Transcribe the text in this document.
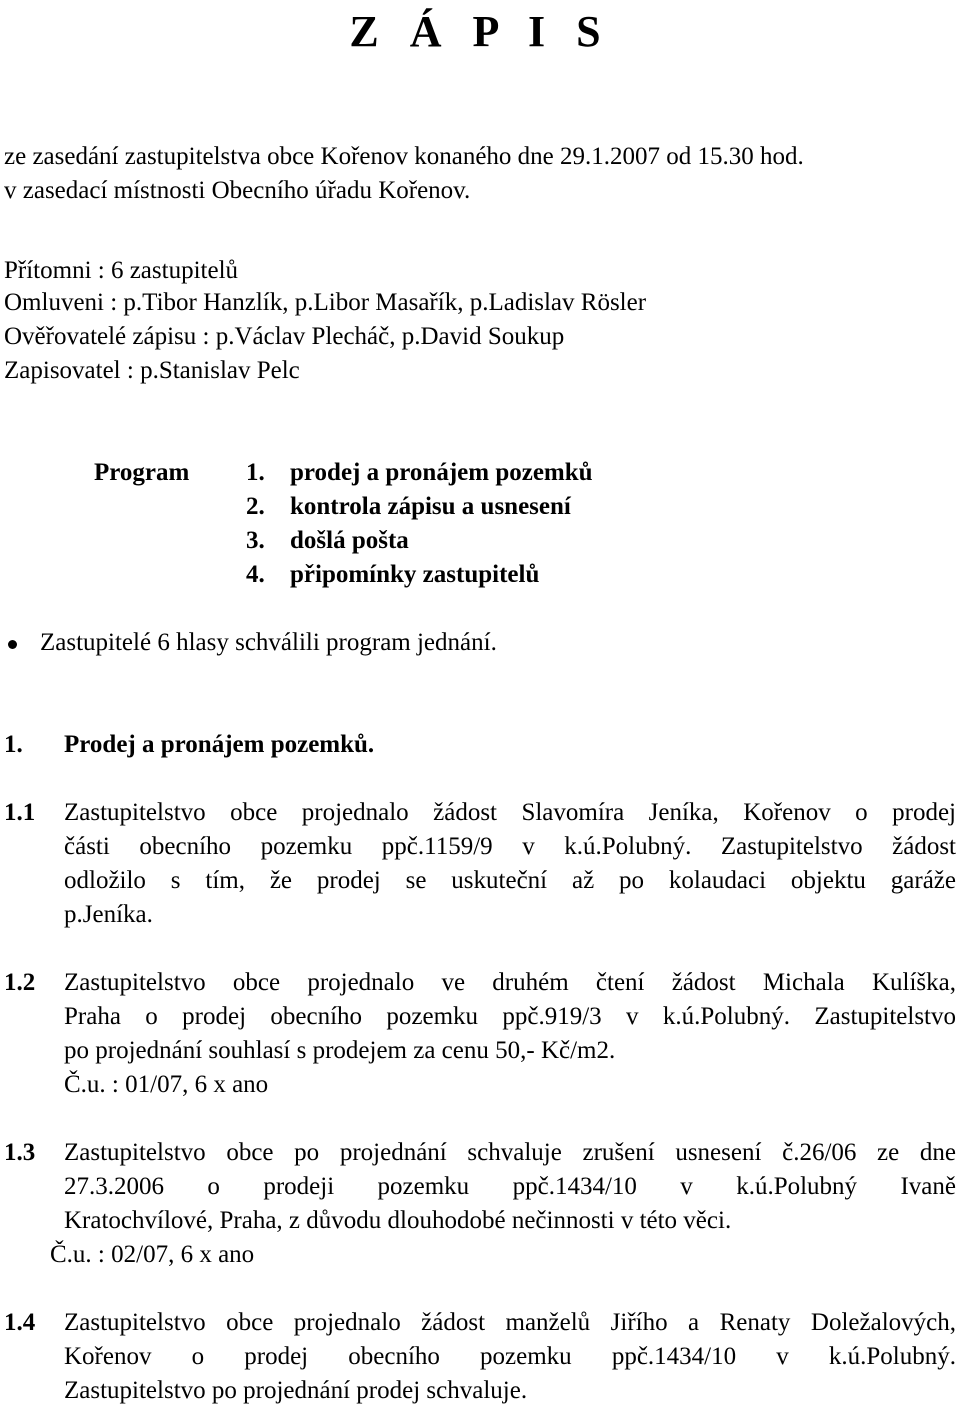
Z Á P I S
ze zasedání zastupitelstva obce Kořenov konaného dne 29.1.2007 od 15.30 hod.
v zasedací místnosti Obecního úřadu Kořenov.
Přítomni : 6 zastupitelů
Omluveni : p.Tibor Hanzlík, p.Libor Masařík, p.Ladislav Rösler
Ověřovatelé zápisu : p.Václav Plecháč, p.David Soukup
Zapisovatel : p.Stanislav Pelc
Program 1. prodej a pronájem pozemků
2. kontrola zápisu a usnesení
3. došlá pošta
4. připomínky zastupitelů
Zastupitelé 6 hlasy schválili program jednání.
1. Prodej a pronájem pozemků.
1.1 Zastupitelstvo obce projednalo žádost Slavomíra Jeníka, Kořenov o prodej
části obecního pozemku ppč.1159/9 v k.ú.Polubný. Zastupitelstvo žádost
odložilo s tím, že prodej se uskuteční až po kolaudaci objektu garáže
p.Jeníka.
1.2 Zastupitelstvo obce projednalo ve druhém čtení žádost Michala Kulíška,
Praha o prodej obecního pozemku ppč.919/3 v k.ú.Polubný. Zastupitelstvo
po projednání souhlasí s prodejem za cenu 50,- Kč/m2.
Č.u. : 01/07, 6 x ano
1.3 Zastupitelstvo obce po projednání schvaluje zrušení usnesení č.26/06 ze dne
27.3.2006 o prodeji pozemku ppč.1434/10 v k.ú.Polubný Ivaně
Kratochvílové, Praha, z důvodu dlouhodobé nečinnosti v této věci.
Č.u. : 02/07, 6 x ano
1.4 Zastupitelstvo obce projednalo žádost manželů Jiřího a Renaty Doležalových,
Kořenov o prodej obecního pozemku ppč.1434/10 v k.ú.Polubný.
Zastupitelstvo po projednání prodej schvaluje.
